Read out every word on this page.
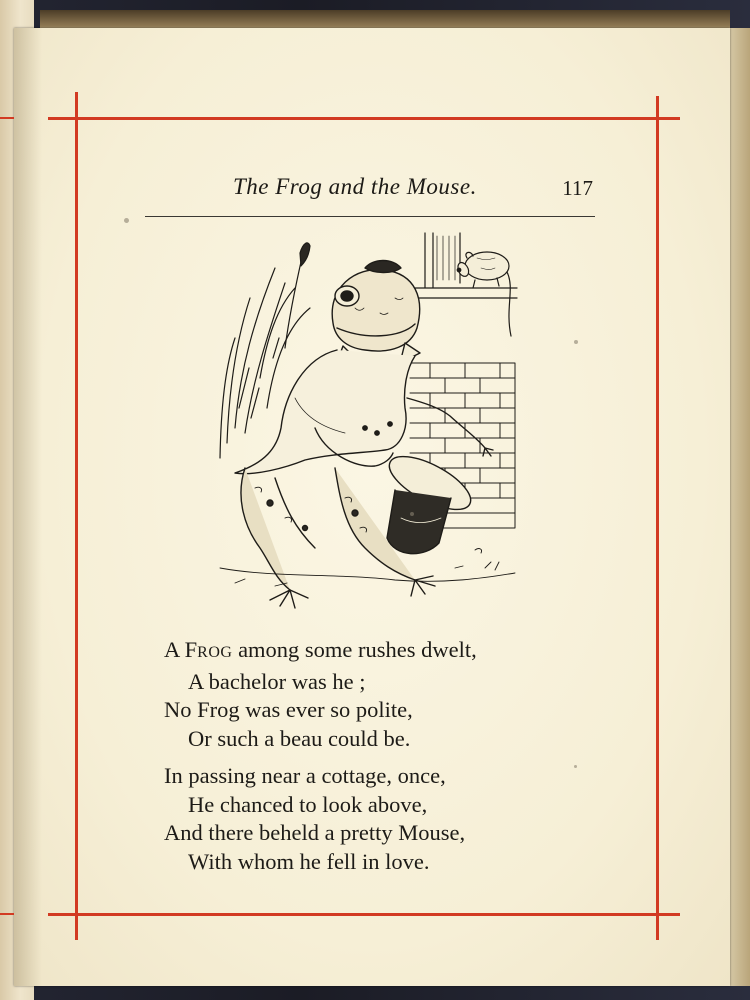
The Frog and the Mouse.	117
A FROG among some rushes dwelt,
A bachelor was he ;
No Frog was ever so polite,
Or such a beau could be.
In passing near a cottage, once,
He chanced to look above,
And there beheld a pretty Mouse,
With whom he fell in love.
